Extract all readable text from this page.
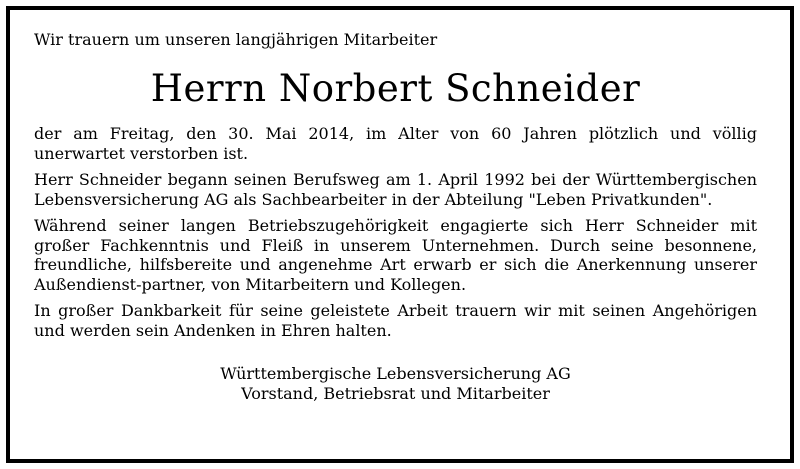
Wir trauern um unseren langjährigen Mitarbeiter

Herrn Norbert Schneider

der am Freitag, den 30. Mai 2014, im Alter von 60 Jahren plötzlich und völlig unerwartet verstorben ist.

Herr Schneider begann seinen Berufsweg am 1. April 1992 bei der Württembergischen Lebensversicherung AG als Sachbearbeiter in der Abteilung "Leben Privatkunden".

Während seiner langen Betriebszugehörigkeit engagierte sich Herr Schneider mit großer Fachkenntnis und Fleiß in unserem Unternehmen. Durch seine besonnene, freundliche, hilfsbereite und angenehme Art erwarb er sich die Anerkennung unserer Außendienst-partner, von Mitarbeitern und Kollegen.

In großer Dankbarkeit für seine geleistete Arbeit trauern wir mit seinen Angehörigen und werden sein Andenken in Ehren halten.

Württembergische Lebensversicherung AG
Vorstand, Betriebsrat und Mitarbeiter
